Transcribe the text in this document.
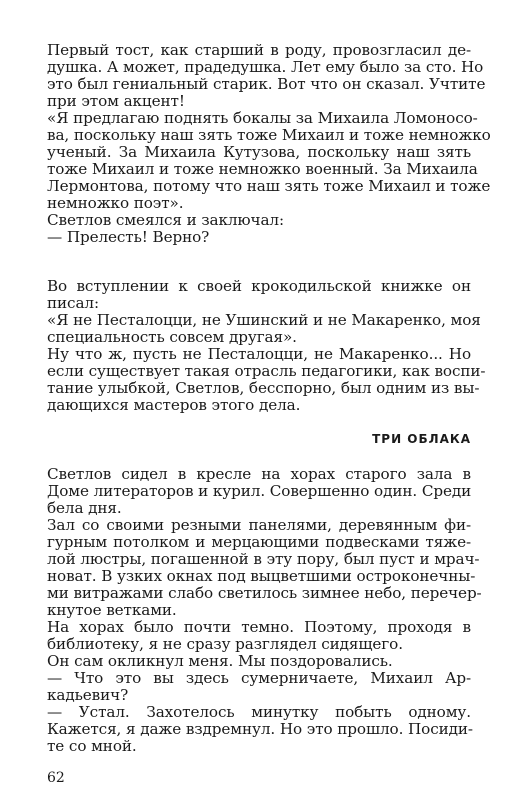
Первый тост, как старший в роду, провозгласил де-
душка. А может, прадедушка. Лет ему было за сто. Но
это был гениальный старик. Вот что он сказал. Учтите
при этом акцент!
«Я предлагаю поднять бокалы за Михаила Ломоносо-
ва, поскольку наш зять тоже Михаил и тоже немножко
ученый. За Михаила Кутузова, поскольку наш зять
тоже Михаил и тоже немножко военный. За Михаила
Лермонтова, потому что наш зять тоже Михаил и тоже
немножко поэт».
Светлов смеялся и заключал:
— Прелесть! Верно?
Во вступлении к своей крокодильской книжке он
писал:
«Я не Песталоцци, не Ушинский и не Макаренко, моя
специальность совсем другая».
Ну что ж, пусть не Песталоцци, не Макаренко... Но
если существует такая отрасль педагогики, как воспи-
тание улыбкой, Светлов, бесспорно, был одним из вы-
дающихся мастеров этого дела.
ТРИ ОБЛАКА
Светлов сидел в кресле на хорах старого зала в
Доме литераторов и курил. Совершенно один. Среди
бела дня.
Зал со своими резными панелями, деревянным фи-
гурным потолком и мерцающими подвесками тяже-
лой люстры, погашенной в эту пору, был пуст и мрач-
новат. В узких окнах под выцветшими остроконечны-
ми витражами слабо светилось зимнее небо, перечер-
кнутое ветками.
На хорах было почти темно. Поэтому, проходя в
библиотеку, я не сразу разглядел сидящего.
Он сам окликнул меня. Мы поздоровались.
— Что это вы здесь сумерничаете, Михаил Ар-
кадьевич?
— Устал. Захотелось минутку побыть одному.
Кажется, я даже вздремнул. Но это прошло. Посиди-
те со мной.
62
